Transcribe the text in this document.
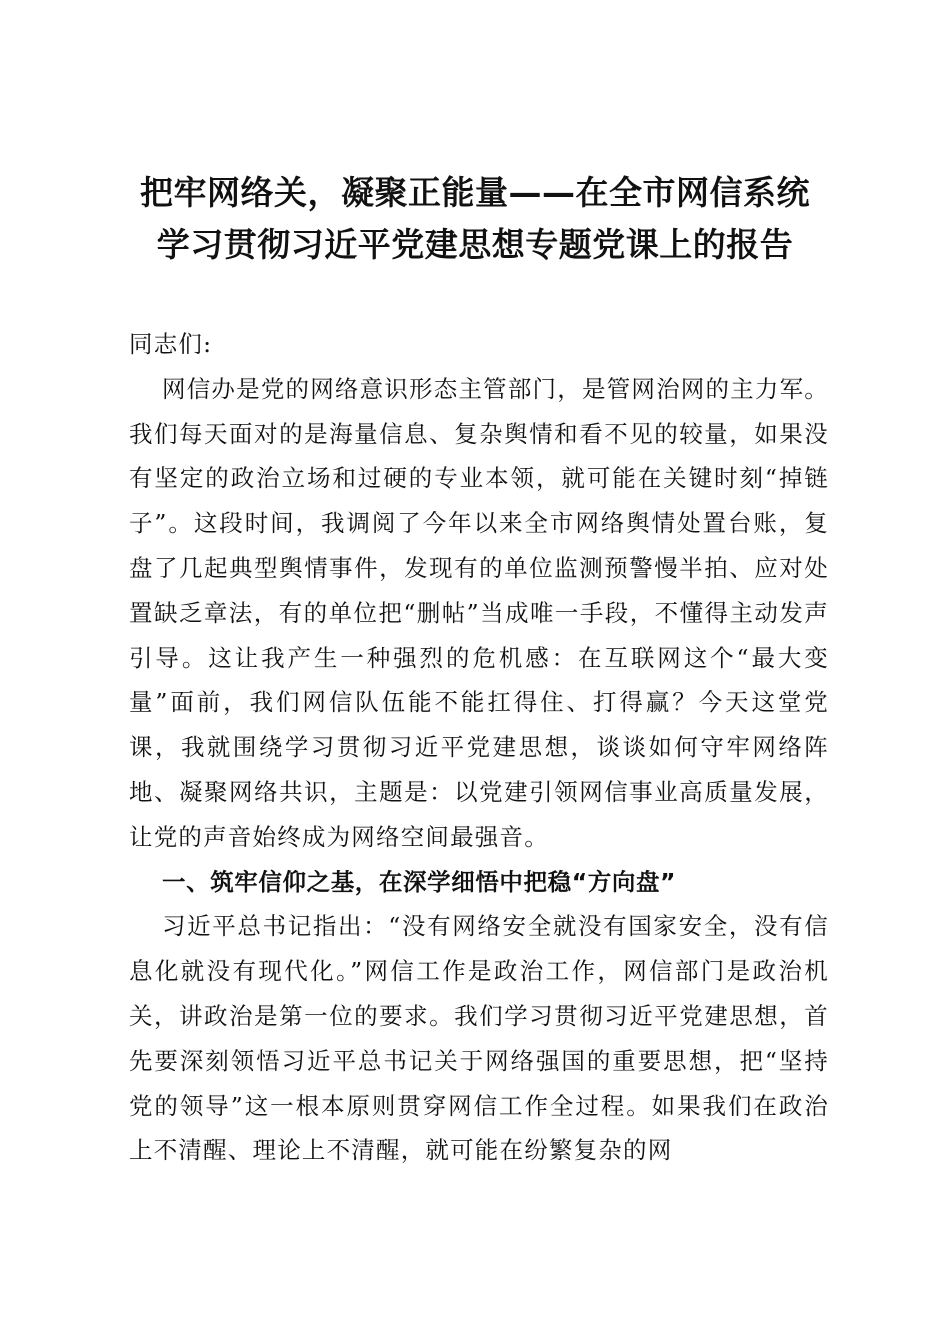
把牢网络关，凝聚正能量——在全市网信系统
学习贯彻习近平党建思想专题党课上的报告

同志们:

网信办是党的网络意识形态主管部门，是管网治网的主力军。我们每天面对的是海量信息、复杂舆情和看不见的较量，如果没有坚定的政治立场和过硬的专业本领，就可能在关键时刻“掉链子”。这段时间，我调阅了今年以来全市网络舆情处置台账，复盘了几起典型舆情事件，发现有的单位监测预警慢半拍、应对处置缺乏章法，有的单位把“删帖”当成唯一手段，不懂得主动发声引导。这让我产生一种强烈的危机感：在互联网这个“最大变量”面前，我们网信队伍能不能扛得住、打得赢？今天这堂党课，我就围绕学习贯彻习近平党建思想，谈谈如何守牢网络阵地、凝聚网络共识，主题是：以党建引领网信事业高质量发展，让党的声音始终成为网络空间最强音。

一、筑牢信仰之基，在深学细悟中把稳“方向盘”

习近平总书记指出：“没有网络安全就没有国家安全，没有信息化就没有现代化。”网信工作是政治工作，网信部门是政治机关，讲政治是第一位的要求。我们学习贯彻习近平党建思想，首先要深刻领悟习近平总书记关于网络强国的重要思想，把“坚持党的领导”这一根本原则贯穿网信工作全过程。如果我们在政治上不清醒、理论上不清醒，就可能在纷繁复杂的网
